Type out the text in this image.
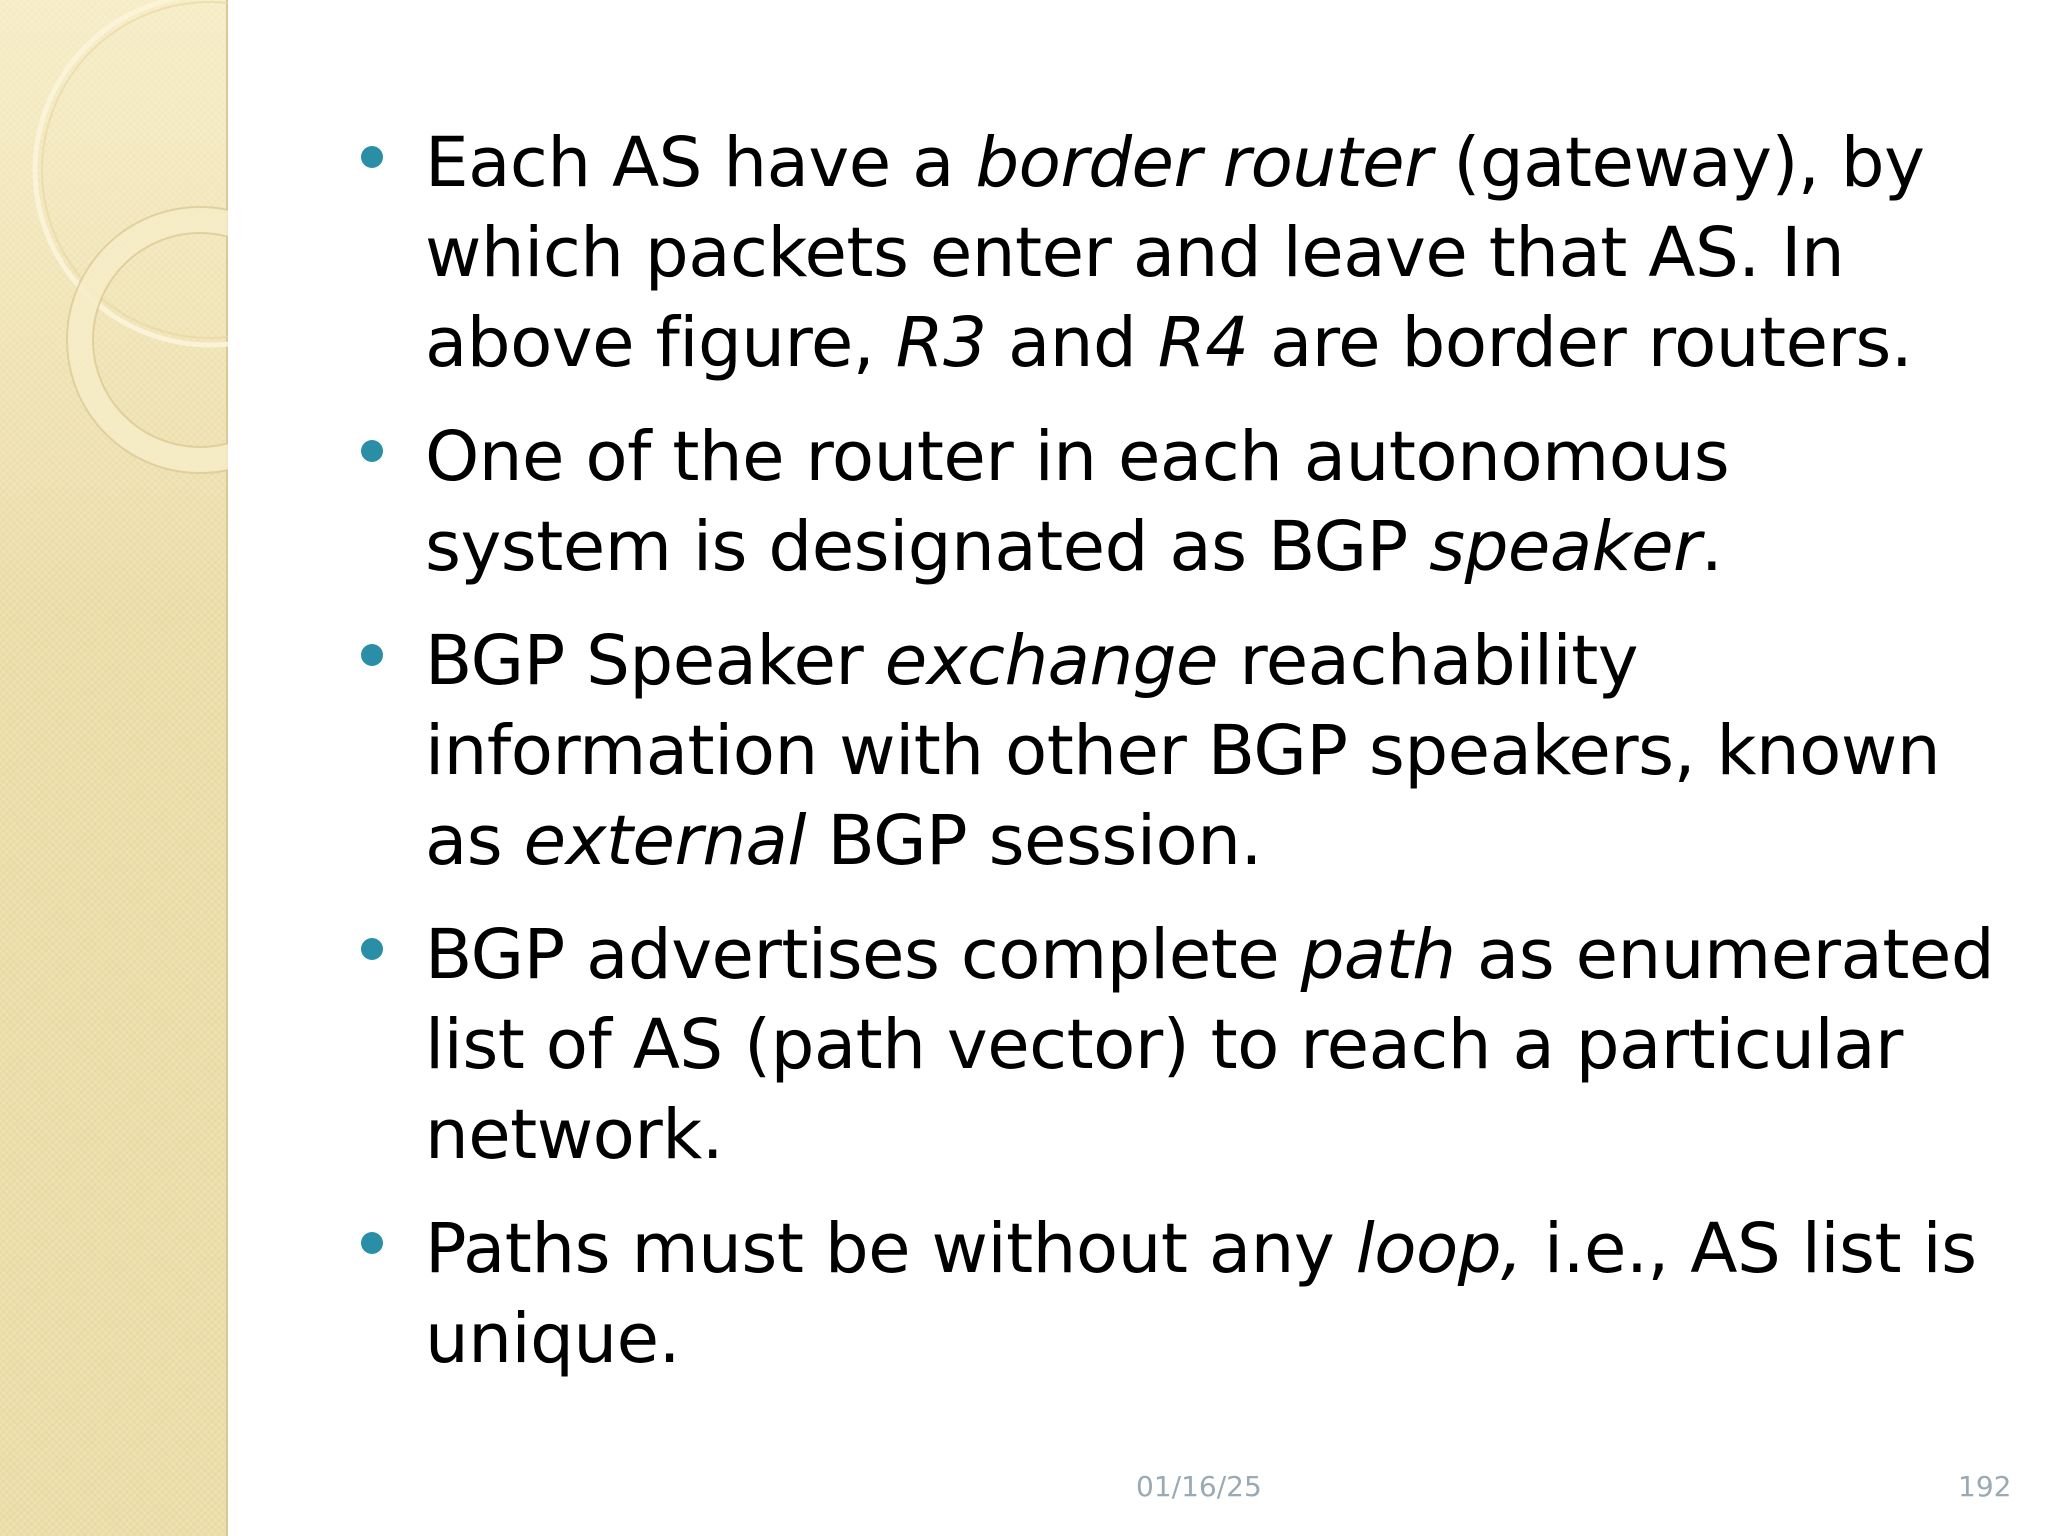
Each AS have a border router (gateway), by which packets enter and leave that AS. In above figure, R3 and R4 are border routers.
One of the router in each autonomous system is designated as BGP speaker.
BGP Speaker exchange reachability information with other BGP speakers, known as external BGP session.
BGP advertises complete path as enumerated list of AS (path vector) to reach a particular network.
Paths must be without any loop, i.e., AS list is unique.
01/16/25	192
